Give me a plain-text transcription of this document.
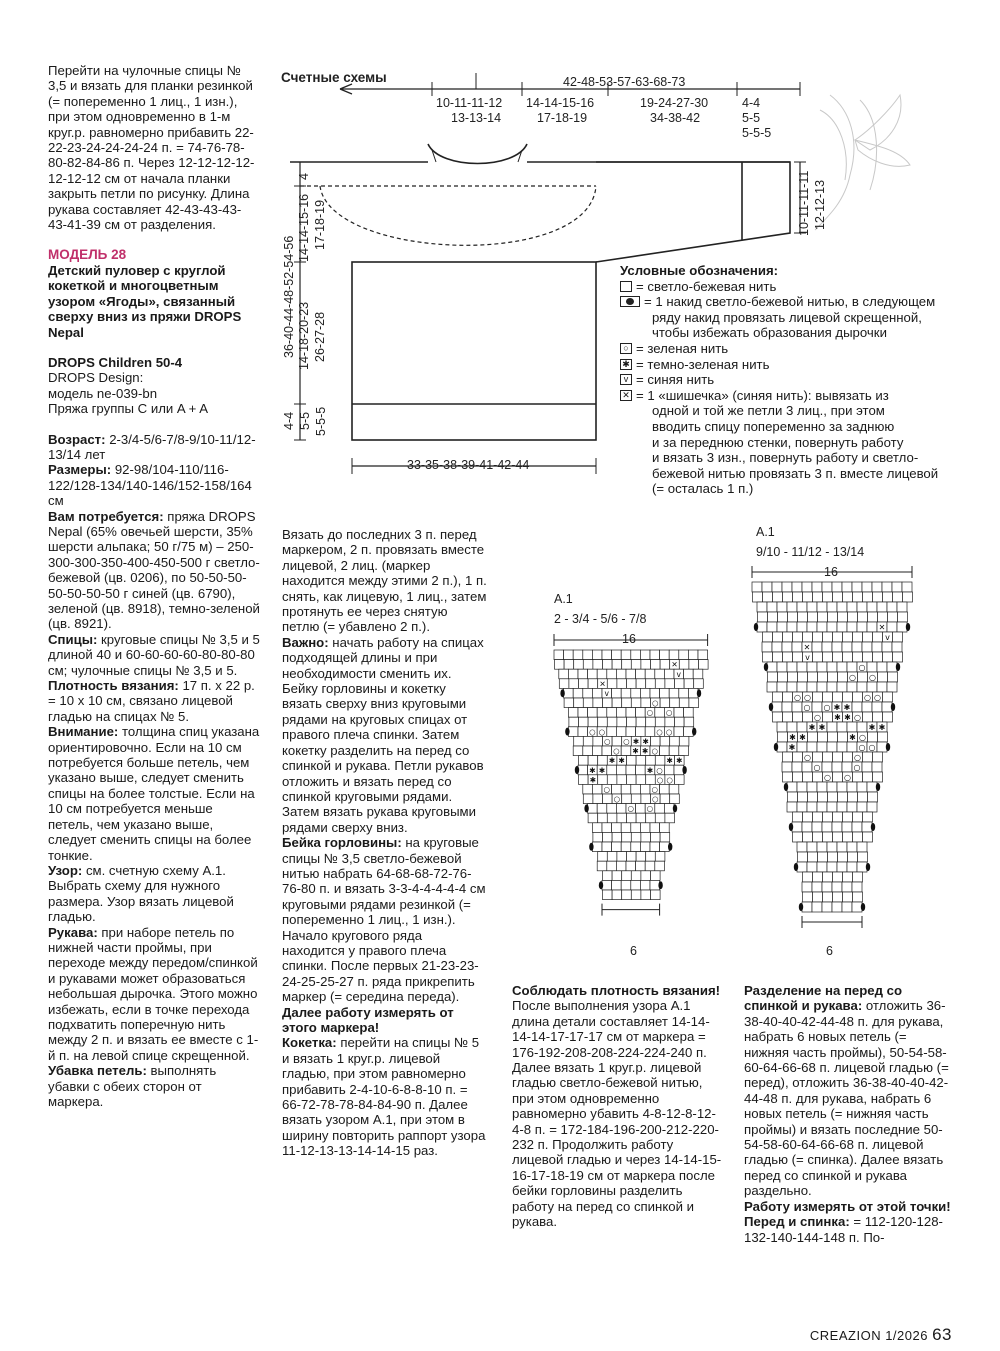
Перейти на чулочные спицы № 3,5 и вязать для планки резинкой (= попеременно 1 лиц., 1 изн.), при этом одновременно в 1-м круг.р. равномерно прибавить 22-22-23-24-24-24-24 п. = 74-76-78-80-82-84-86 п. Через 12-12-12-12-12-12-12 см от начала планки закрыть петли по рисунку. Длина рукава составляет 42-43-43-43-43-41-39 см от разделения.

МОДЕЛЬ 28

Детский пуловер с круглой кокеткой и многоцветным узором «Ягоды», связанный сверху вниз из пряжи DROPS Nepal

DROPS Children 50-4

DROPS Design:

модель ne-039-bn

Пряжа группы C или A + A

Возраст: 2-3/4-5/6-7/8-9/10-11/12-13/14 лет

Размеры: 92-98/104-110/116-122/128-134/140-146/152-158/164 см

Вам потребуется: пряжа DROPS Nepal (65% овечьей шерсти, 35% шерсти альпака; 50 г/75 м) – 250-300-300-350-400-450-500 г светло-бежевой (цв. 0206), по 50-50-50-50-50-50-50 г синей (цв. 6790), зеленой (цв. 8918), темно-зеленой (цв. 8921).

Спицы: круговые спицы № 3,5 и 5 длиной 40 и 60-60-60-60-80-80-80 см; чулочные спицы № 3,5 и 5.

Плотность вязания: 17 п. х 22 р. = 10 х 10 см, связано лицевой гладью на спицах № 5.

Внимание: толщина спиц указана ориентировочно. Если на 10 см потребуется больше петель, чем указано выше, следует сменить спицы на более толстые. Если на 10 см потребуется меньше петель, чем указано выше, следует сменить спицы на более тонкие.

Узор: см. счетную схему А.1. Выбрать схему для нужного размера. Узор вязать лицевой гладью.

Рукава: при наборе петель по нижней части проймы, при переходе между передом/спинкой и рукавами может образоваться небольшая дырочка. Этого можно избежать, если в точке перехода подхватить поперечную нить между 2 п. и вязать ее вместе с 1-й п. на левой спице скрещенной.

Убавка петель: выполнять убавки с обеих сторон от маркера.

Вязать до последних 3 п. перед маркером, 2 п. провязать вместе лицевой, 2 лиц. (маркер находится между этими 2 п.), 1 п. снять, как лицевую, 1 лиц., затем протянуть ее через снятую петлю (= убавлено 2 п.).

Важно: начать работу на спицах подходящей длины и при необходимости сменить их.

Бейку горловины и кокетку вязать сверху вниз круговыми рядами на круговых спицах от правого плеча спинки. Затем кокетку разделить на перед со спинкой и рукава. Петли рукавов отложить и вязать перед со спинкой круговыми рядами. Затем вязать рукава круговыми рядами сверху вниз.

Бейка горловины: на круговые спицы № 3,5 светло-бежевой нитью набрать 64-68-68-72-76-76-80 п. и вязать 3-3-4-4-4-4-4 см круговыми рядами резинкой (= попеременно 1 лиц., 1 изн.). Начало кругового ряда находится у правого плеча спинки. После первых 21-23-23-24-25-25-27 п. ряда прикрепить маркер (= середина переда). Далее работу измерять от этого маркера!

Кокетка: перейти на спицы № 5 и вязать 1 круг.р. лицевой гладью, при этом равномерно прибавить 2-4-10-6-8-8-10 п. = 66-72-78-78-84-84-90 п. Далее вязать узором А.1, при этом в ширину повторить раппорт узора 11-12-13-13-14-14-15 раз.

Соблюдать плотность вязания!

После выполнения узора А.1 длина детали составляет 14-14-14-14-17-17-17 см от маркера = 176-192-208-208-224-224-240 п. Далее вязать 1 круг.р. лицевой гладью светло-бежевой нитью, при этом одновременно равномерно убавить 4-8-12-8-12-4-8 п. = 172-184-196-200-212-220-232 п. Продолжить работу лицевой гладью и через 14-14-15-16-17-18-19 см от маркера после бейки горловины разделить работу на перед со спинкой и рукава.

Разделение на перед со спинкой и рукава: отложить 36-38-40-40-42-44-48 п. для рукава, набрать 6 новых петель (= нижняя часть проймы), 50-54-58-60-64-66-68 п. лицевой гладью (= перед), отложить 36-38-40-40-42-44-48 п. для рукава, набрать 6 новых петель (= нижняя часть проймы) и вязать последние 50-54-58-60-64-66-68 п. лицевой гладью (= спинка). Далее вязать перед со спинкой и рукава раздельно.

Работу измерять от этой точки!

Перед и спинка: = 112-120-128-132-140-144-148 п. По-

Счетные схемы	42-48-53-57-63-68-73
10-11-11-12
13-13-14
14-14-15-16
17-18-19
19-24-27-30
34-38-42
4-4
5-5
5-5-5
36-40-44-48-52-54-56
14-14-15-16 17-18-19
4
14-18-20-23 26-27-28
4-4 5-5 5-5-5
10-11-11-11 12-12-13
33-35-38-39-41-42-44
Условные обозначения:
= светло-бежевая нить
= 1 накид светло-бежевой нитью, в следующем
ряду накид провязать лицевой скрещенной,
чтобы избежать образования дырочки
○ = зеленая нить
✱ = темно-зеленая нить
v = синяя нить
✕ = 1 «шишечка» (синяя нить): вывязать из
одной и той же петли 3 лиц., при этом
вводить спицу попеременно за заднюю
и за переднюю стенки, повернуть работу
и вязать 3 изн., повернуть работу и светло-
бежевой нитью провязать 3 п. вместе лицевой
(= осталась 1 п.)
A.1
2 - 3/4 - 5/6 - 7/8
16
6
A.1
9/10 - 11/12 - 13/14
16
6
✕
v
✕
v
○
○
○
○ ○	○ ○
○ ○ ✱ ✱
○ ✱ ✱ ○
✱ ✱	✱ ✱
✱ ✱	✱ ○
✱	○ ○
○	○
○	○
○ ○
✕
v
✕
v
○
○
○
○ ○	○ ○
○ ○ ✱ ✱
○ ✱ ✱ ○
✱ ✱	✱ ✱
✱ ✱	✱ ○
✱	○ ○
○	○
○	○
○ ○
CREAZION 1/2026 63
